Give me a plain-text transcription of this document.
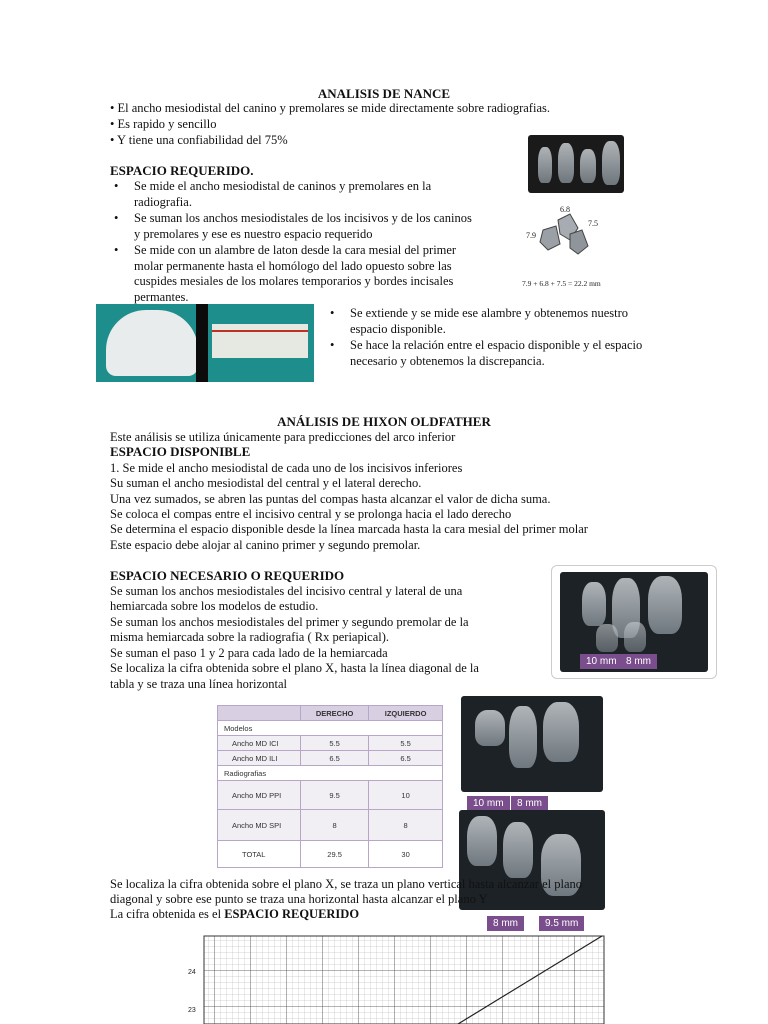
ANALISIS DE NANCE
• El ancho mesiodistal del canino y premolares se mide directamente sobre radiografias.
• Es rapido y sencillo
• Y tiene una confiabilidad del 75%
ESPACIO REQUERIDO.
• Se mide el ancho mesiodistal de caninos y premolares en la radiografia.
• Se suman los anchos mesiodistales de los incisivos y de los caninos y premolares y ese es nuestro espacio requerido
• Se mide con un alambre de laton desde la cara mesial del primer molar permanente hasta el homólogo del lado opuesto sobre las cuspides mesiales de los molares temporarios y bordes incisales permantes.
6.8
7.5
7.9
7.9 + 6.8 + 7.5 = 22.2 mm
• Se extiende y se mide ese alambre y obtenemos nuestro espacio disponible.
• Se hace la relación entre el espacio disponible y el espacio necesario y obtenemos la discrepancia.
ANÁLISIS DE HIXON OLDFATHER
Este análisis se utiliza únicamente para predicciones del arco inferior
ESPACIO DISPONIBLE
1. Se mide el ancho mesiodistal de cada uno de los incisivos inferiores
Su suman el ancho mesiodistal del central y el lateral derecho.
Una vez sumados, se abren las puntas del compas hasta alcanzar el valor de dicha suma.
Se coloca el compas entre el incisivo central y se prolonga hacia el lado derecho
Se determina el espacio disponible desde la línea marcada hasta la cara mesial del primer molar
Este espacio debe alojar al canino primer y segundo premolar.
ESPACIO NECESARIO O REQUERIDO
Se suman los anchos mesiodistales del incisivo central y lateral de una
hemiarcada sobre los modelos de estudio.
Se suman los anchos mesiodistales del primer y segundo premolar de la
misma hemiarcada sobre la radiografia ( Rx periapical).
Se suman el paso 1 y 2 para cada lado de la hemiarcada
Se localiza la cifra obtenida sobre el plano X, hasta la línea diagonal de la
tabla y se traza una línea horizontal
10 mm 8 mm
	DERECHO	IZQUIERDO
Modelos		
Ancho MD ICI	5.5	5.5
Ancho MD ILI	6.5	6.5
Radiografias		
Ancho MD PPI	9.5	10
Ancho MD SPI	8	8
TOTAL	29.5	30
10 mm	8 mm
8 mm	9.5 mm
Se localiza la cifra obtenida sobre el plano X, se traza un plano vertical hasta alcanzar el plano
diagonal y sobre ese punto se traza una horizontal hasta alcanzar el plano Y
La cifra obtenida es el ESPACIO REQUERIDO
24
23
